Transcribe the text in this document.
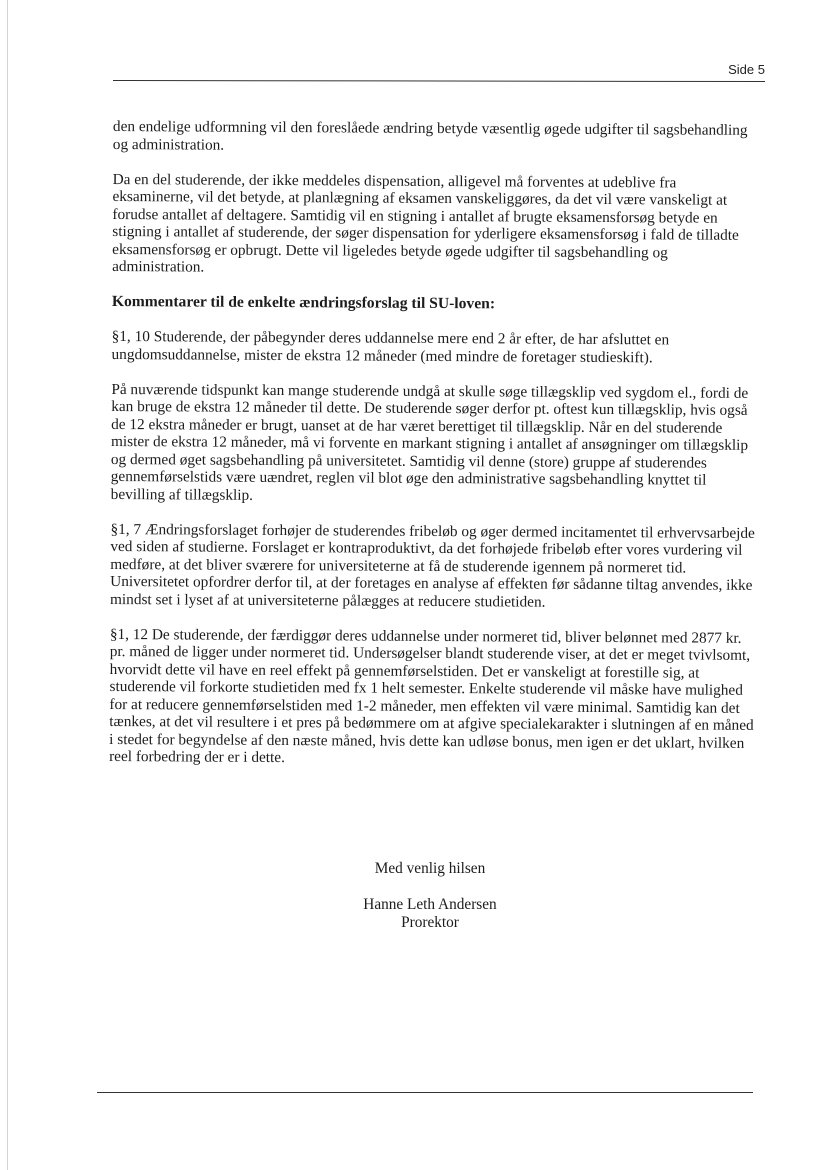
Side 5

den endelige udformning vil den foreslåede ændring betyde væsentlig øgede udgifter til sagsbehandling og administration.

Da en del studerende, der ikke meddeles dispensation, alligevel må forventes at udeblive fra eksaminerne, vil det betyde, at planlægning af eksamen vanskeliggøres, da det vil være vanskeligt at forudse antallet af deltagere. Samtidig vil en stigning i antallet af brugte eksamensforsøg betyde en stigning i antallet af studerende, der søger dispensation for yderligere eksamensforsøg i fald de tilladte eksamensforsøg er opbrugt. Dette vil ligeledes betyde øgede udgifter til sagsbehandling og administration.

Kommentarer til de enkelte ændringsforslag til SU-loven:

§1, 10 Studerende, der påbegynder deres uddannelse mere end 2 år efter, de har afsluttet en ungdomsuddannelse, mister de ekstra 12 måneder (med mindre de foretager studieskift).

På nuværende tidspunkt kan mange studerende undgå at skulle søge tillægsklip ved sygdom el., fordi de kan bruge de ekstra 12 måneder til dette. De studerende søger derfor pt. oftest kun tillægsklip, hvis også de 12 ekstra måneder er brugt, uanset at de har været berettiget til tillægsklip. Når en del studerende mister de ekstra 12 måneder, må vi forvente en markant stigning i antallet af ansøgninger om tillægsklip og dermed øget sagsbehandling på universitetet. Samtidig vil denne (store) gruppe af studerendes gennemførselstids være uændret, reglen vil blot øge den administrative sagsbehandling knyttet til bevilling af tillægsklip.

§1, 7 Ændringsforslaget forhøjer de studerendes fribeløb og øger dermed incitamentet til erhvervsarbejde ved siden af studierne. Forslaget er kontraproduktivt, da det forhøjede fribeløb efter vores vurdering vil medføre, at det bliver sværere for universiteterne at få de studerende igennem på normeret tid. Universitetet opfordrer derfor til, at der foretages en analyse af effekten før sådanne tiltag anvendes, ikke mindst set i lyset af at universiteterne pålægges at reducere studietiden.

§1, 12 De studerende, der færdiggør deres uddannelse under normeret tid, bliver belønnet med 2877 kr. pr. måned de ligger under normeret tid. Undersøgelser blandt studerende viser, at det er meget tvivlsomt, hvorvidt dette vil have en reel effekt på gennemførselstiden. Det er vanskeligt at forestille sig, at studerende vil forkorte studietiden med fx 1 helt semester. Enkelte studerende vil måske have mulighed for at reducere gennemførselstiden med 1-2 måneder, men effekten vil være minimal. Samtidig kan det tænkes, at det vil resultere i et pres på bedømmere om at afgive specialekarakter i slutningen af en måned i stedet for begyndelse af den næste måned, hvis dette kan udløse bonus, men igen er det uklart, hvilken reel forbedring der er i dette.

Med venlig hilsen
Hanne Leth Andersen
Prorektor
